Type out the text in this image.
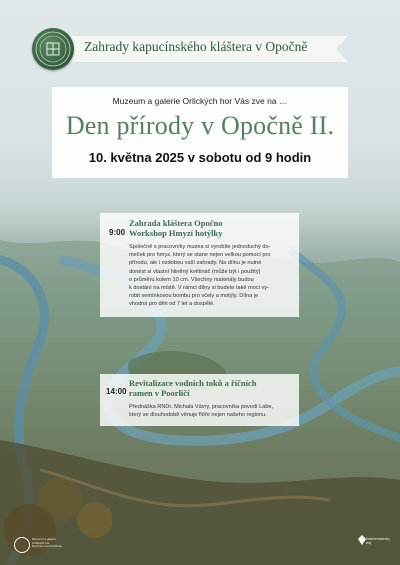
Zahrady kapucínského kláštera v Opočně
Muzeum a galerie Orlických hor Vás zve na …
Den přírody v Opočně II.
10. května 2025 v sobotu od 9 hodin
9:00
Zahrada kláštera Opočno
Workshop Hmyzí hotýlky
Společně s pracovníky muzea si vyrobíte jednoduchý do-
meček pro hmyz, který se stane nejen velkou pomocí pro
přírodu, ale i ozdobou vaší zahrady. Na dílnu je nutné
donést si vlastní hliněný květináč (může být i použitý)
o průměru kolem 10 cm. Všechny materiály budou
k dostání na místě. V rámci dílny si budete také moci vy-
robit semínkovou bombu pro včely a motýly. Dílna je
vhodná pro děti od 7 let a dospělé.
14:00
Revitalizace vodních toků a říčních
ramen v Poorličí
Přednáška RNDr. Michala Vávry, pracovníka povodí Labe,
který se dlouhodobě věnuje flóře nejen našeho regionu.
Muzeum a galerie
Orlických hor
Rychnov nad Kněžnou
Královéhradecký
kraj
